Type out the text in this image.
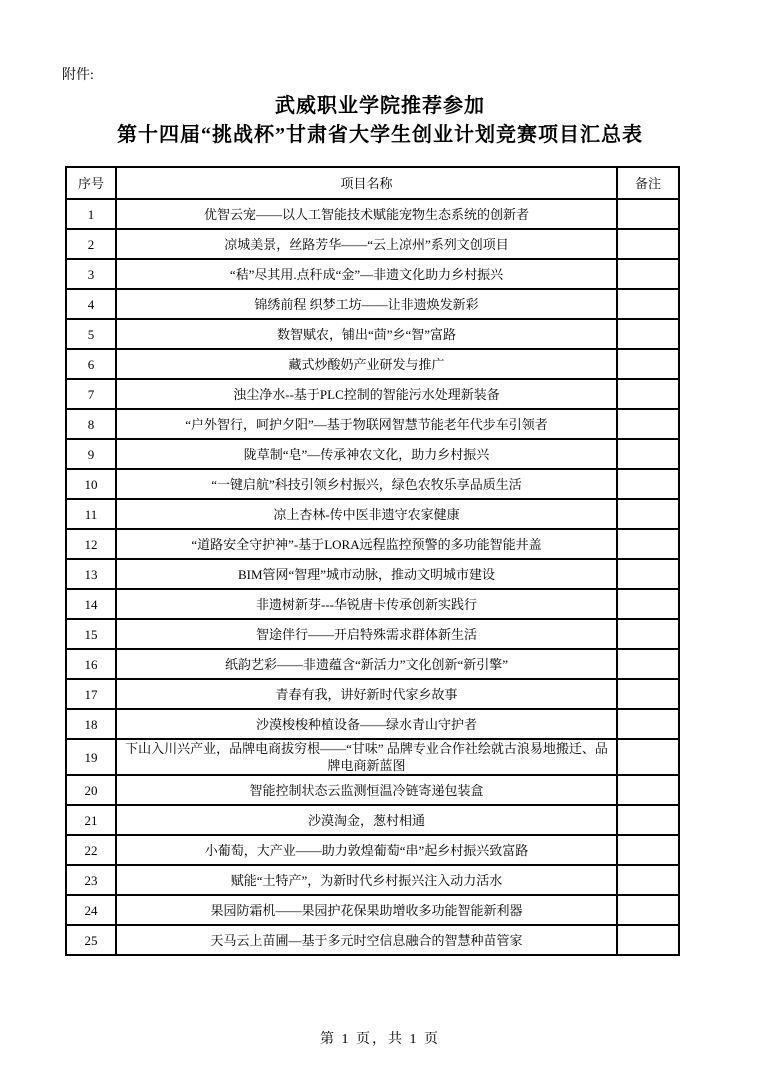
附件:
武威职业学院推荐参加
第十四届“挑战杯”甘肃省大学生创业计划竞赛项目汇总表
序号	项目名称	备注
1	优智云宠——以人工智能技术赋能宠物生态系统的创新者	
2	凉城美景，丝路芳华——“云上凉州”系列文创项目	
3	“秸”尽其用.点秆成“金”—非遗文化助力乡村振兴	
4	锦绣前程 织梦工坊——让非遗焕发新彩	
5	数智赋农，铺出“茴”乡“智”富路	
6	藏式炒酸奶产业研发与推广	
7	浊尘净水--基于PLC控制的智能污水处理新装备	
8	“户外智行，呵护夕阳”—基于物联网智慧节能老年代步车引领者	
9	陇草制“皂”—传承神农文化，助力乡村振兴	
10	“一键启航”科技引领乡村振兴，绿色农牧乐享品质生活	
11	凉上杏林-传中医非遗守农家健康	
12	“道路安全守护神”-基于LORA远程监控预警的多功能智能井盖	
13	BIM管网“智理”城市动脉，推动文明城市建设	
14	非遗树新芽---华锐唐卡传承创新实践行	
15	智途伴行——开启特殊需求群体新生活	
16	纸韵艺彩——非遗蕴含“新活力”文化创新“新引擎”	
17	青春有我，讲好新时代家乡故事	
18	沙漠梭梭种植设备——绿水青山守护者	
19	下山入川兴产业，品牌电商拔穷根——“甘味” 品牌专业合作社绘就古浪易地搬迁、品牌电商新蓝图	
20	智能控制状态云监测恒温冷链寄递包装盒	
21	沙漠淘金，葱村相通	
22	小葡萄，大产业——助力敦煌葡萄“串”起乡村振兴致富路	
23	赋能“土特产”，为新时代乡村振兴注入动力活水	
24	果园防霜机——果园护花保果助增收多功能智能新利器	
25	天马云上苗圃—基于多元时空信息融合的智慧种苗管家	
第 1 页，共 1 页
